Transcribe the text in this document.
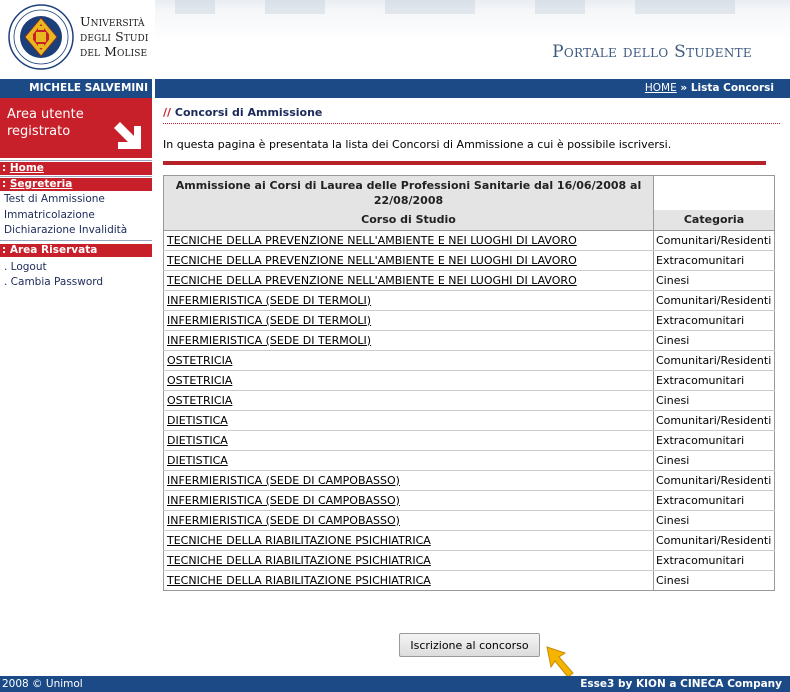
Università
degli Studi
del Molise	Portale dello Studente
MICHELE SALVEMINI	HOME » Lista Concorsi
Area utente
registrato
: Home
: Segreteria
Test di Ammissione
Immatricolazione
Dichiarazione Invalidità
: Area Riservata
. Logout
. Cambia Password
// Concorsi di Ammissione
In questa pagina è presentata la lista dei Concorsi di Ammissione a cui è possibile iscriversi.
Ammissione ai Corsi di Laurea delle Professioni Sanitarie dal 16/06/2008 al 22/08/2008	
Corso di Studio	Categoria
TECNICHE DELLA PREVENZIONE NELL'AMBIENTE E NEI LUOGHI DI LAVORO	Comunitari/Residenti
TECNICHE DELLA PREVENZIONE NELL'AMBIENTE E NEI LUOGHI DI LAVORO	Extracomunitari
TECNICHE DELLA PREVENZIONE NELL'AMBIENTE E NEI LUOGHI DI LAVORO	Cinesi
INFERMIERISTICA (SEDE DI TERMOLI)	Comunitari/Residenti
INFERMIERISTICA (SEDE DI TERMOLI)	Extracomunitari
INFERMIERISTICA (SEDE DI TERMOLI)	Cinesi
OSTETRICIA	Comunitari/Residenti
OSTETRICIA	Extracomunitari
OSTETRICIA	Cinesi
DIETISTICA	Comunitari/Residenti
DIETISTICA	Extracomunitari
DIETISTICA	Cinesi
INFERMIERISTICA (SEDE DI CAMPOBASSO)	Comunitari/Residenti
INFERMIERISTICA (SEDE DI CAMPOBASSO)	Extracomunitari
INFERMIERISTICA (SEDE DI CAMPOBASSO)	Cinesi
TECNICHE DELLA RIABILITAZIONE PSICHIATRICA	Comunitari/Residenti
TECNICHE DELLA RIABILITAZIONE PSICHIATRICA	Extracomunitari
TECNICHE DELLA RIABILITAZIONE PSICHIATRICA	Cinesi
Iscrizione al concorso
2008 © Unimol	Esse3 by KION a CINECA Company
